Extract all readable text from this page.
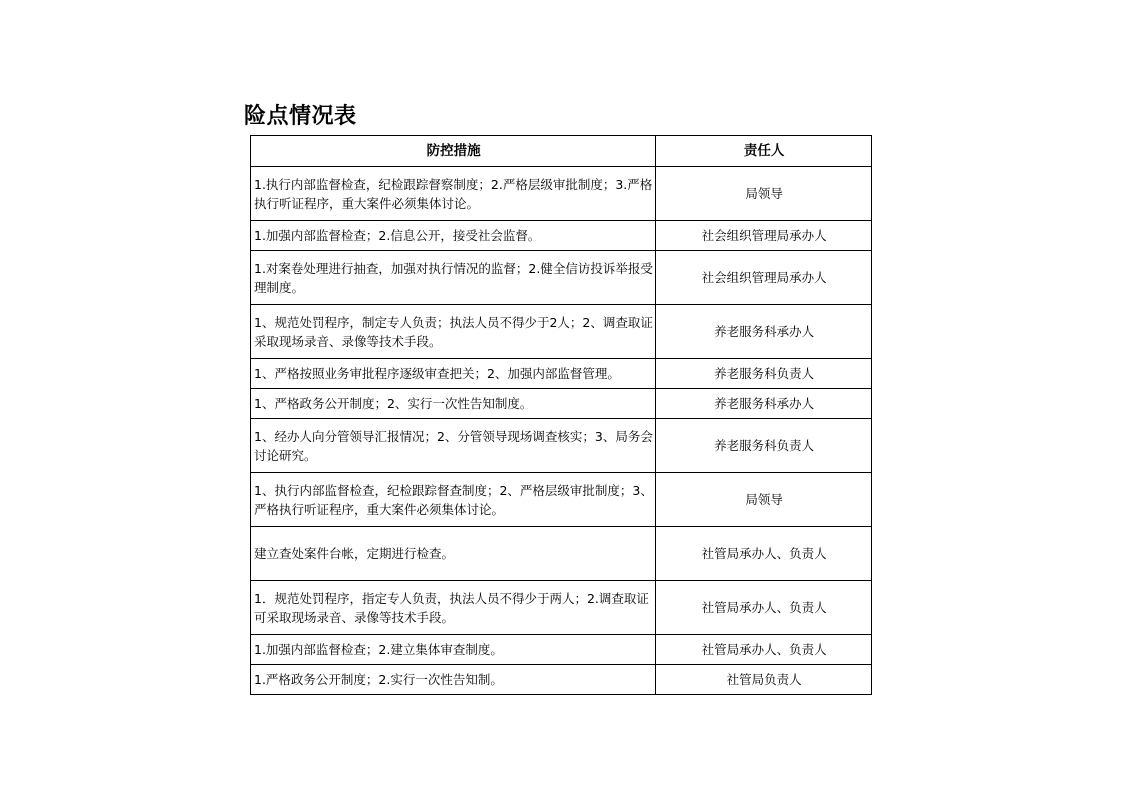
险点情况表
防控措施	责任人
1.执行内部监督检查，纪检跟踪督察制度；2.严格层级审批制度；3.严格执行听证程序，重大案件必须集体讨论。	局领导
1.加强内部监督检查；2.信息公开，接受社会监督。	社会组织管理局承办人
1.对案卷处理进行抽查，加强对执行情况的监督；2.健全信访投诉举报受理制度。	社会组织管理局承办人
1、规范处罚程序，制定专人负责；执法人员不得少于2人；2、调查取证采取现场录音、录像等技术手段。	养老服务科承办人
1、严格按照业务审批程序逐级审查把关；2、加强内部监督管理。	养老服务科负责人
1、严格政务公开制度；2、实行一次性告知制度。	养老服务科承办人
1、经办人向分管领导汇报情况；2、分管领导现场调查核实；3、局务会讨论研究。	养老服务科负责人
1、执行内部监督检查，纪检跟踪督查制度；2、严格层级审批制度；3、严格执行听证程序，重大案件必须集体讨论。	局领导
建立查处案件台帐，定期进行检查。	社管局承办人、负责人
1．规范处罚程序，指定专人负责，执法人员不得少于两人；2.调查取证可采取现场录音、录像等技术手段。	社管局承办人、负责人
1.加强内部监督检查；2.建立集体审查制度。	社管局承办人、负责人
1.严格政务公开制度；2.实行一次性告知制。	社管局负责人
